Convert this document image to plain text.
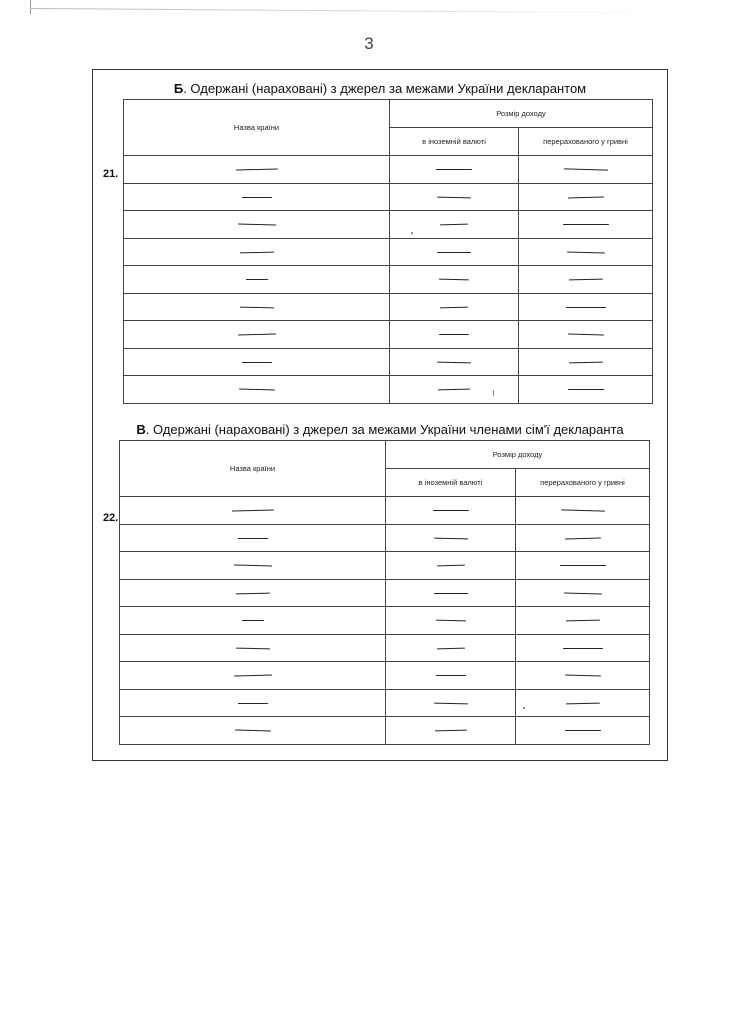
3
Б. Одержані (нараховані) з джерел за межами України декларантом
21.
Назва країни	Розмір доходу	
	в іноземній валюті	перерахованого у гривні

В. Одержані (нараховані) з джерел за межами України членами сім'ї декларанта
22.
Назва країни	Розмір доходу	
	в іноземній валюті	перерахованого у гривні
